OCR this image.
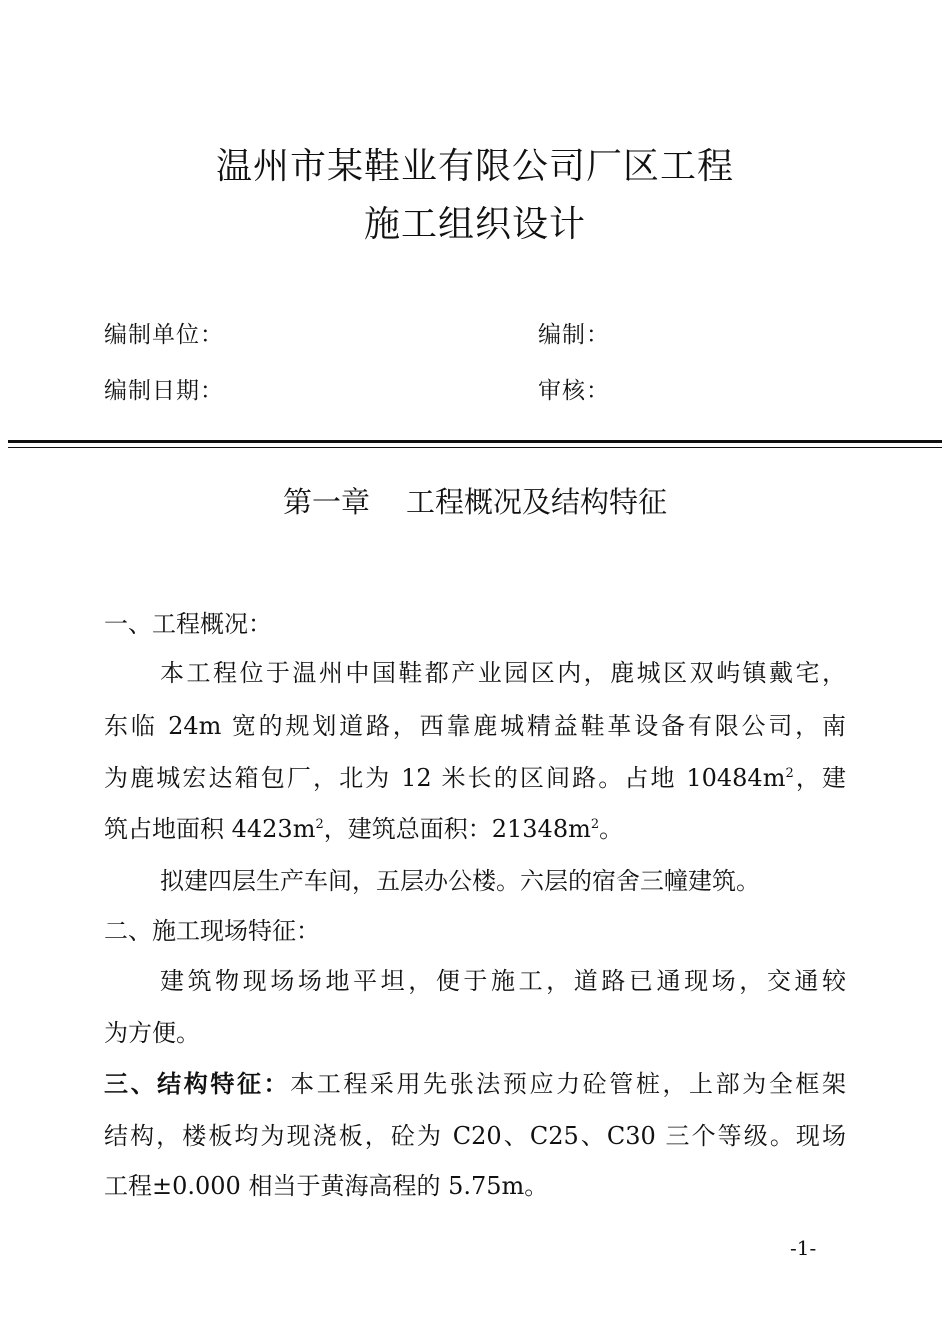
温州市某鞋业有限公司厂区工程
施工组织设计
编制单位：	编制：
编制日期：	审核：
第一章 工程概况及结构特征
一、工程概况：
本工程位于温州中国鞋都产业园区内，鹿城区双屿镇戴宅，
东临 24m 宽的规划道路，西靠鹿城精益鞋革设备有限公司，南
为鹿城宏达箱包厂，北为 12 米长的区间路。占地 $10484m^2$，建
筑占地面积 $4423m^2$，建筑总面积：$21348m^2$。
拟建四层生产车间，五层办公楼。六层的宿舍三幢建筑。
二、施工现场特征：
建筑物现场场地平坦，便于施工，道路已通现场，交通较
为方便。
三、结构特征：本工程采用先张法预应力砼管桩，上部为全框架
结构，楼板均为现浇板，砼为 C20、C25、C30 三个等级。现场
工程±0.000 相当于黄海高程的 5.75m。
-1-
